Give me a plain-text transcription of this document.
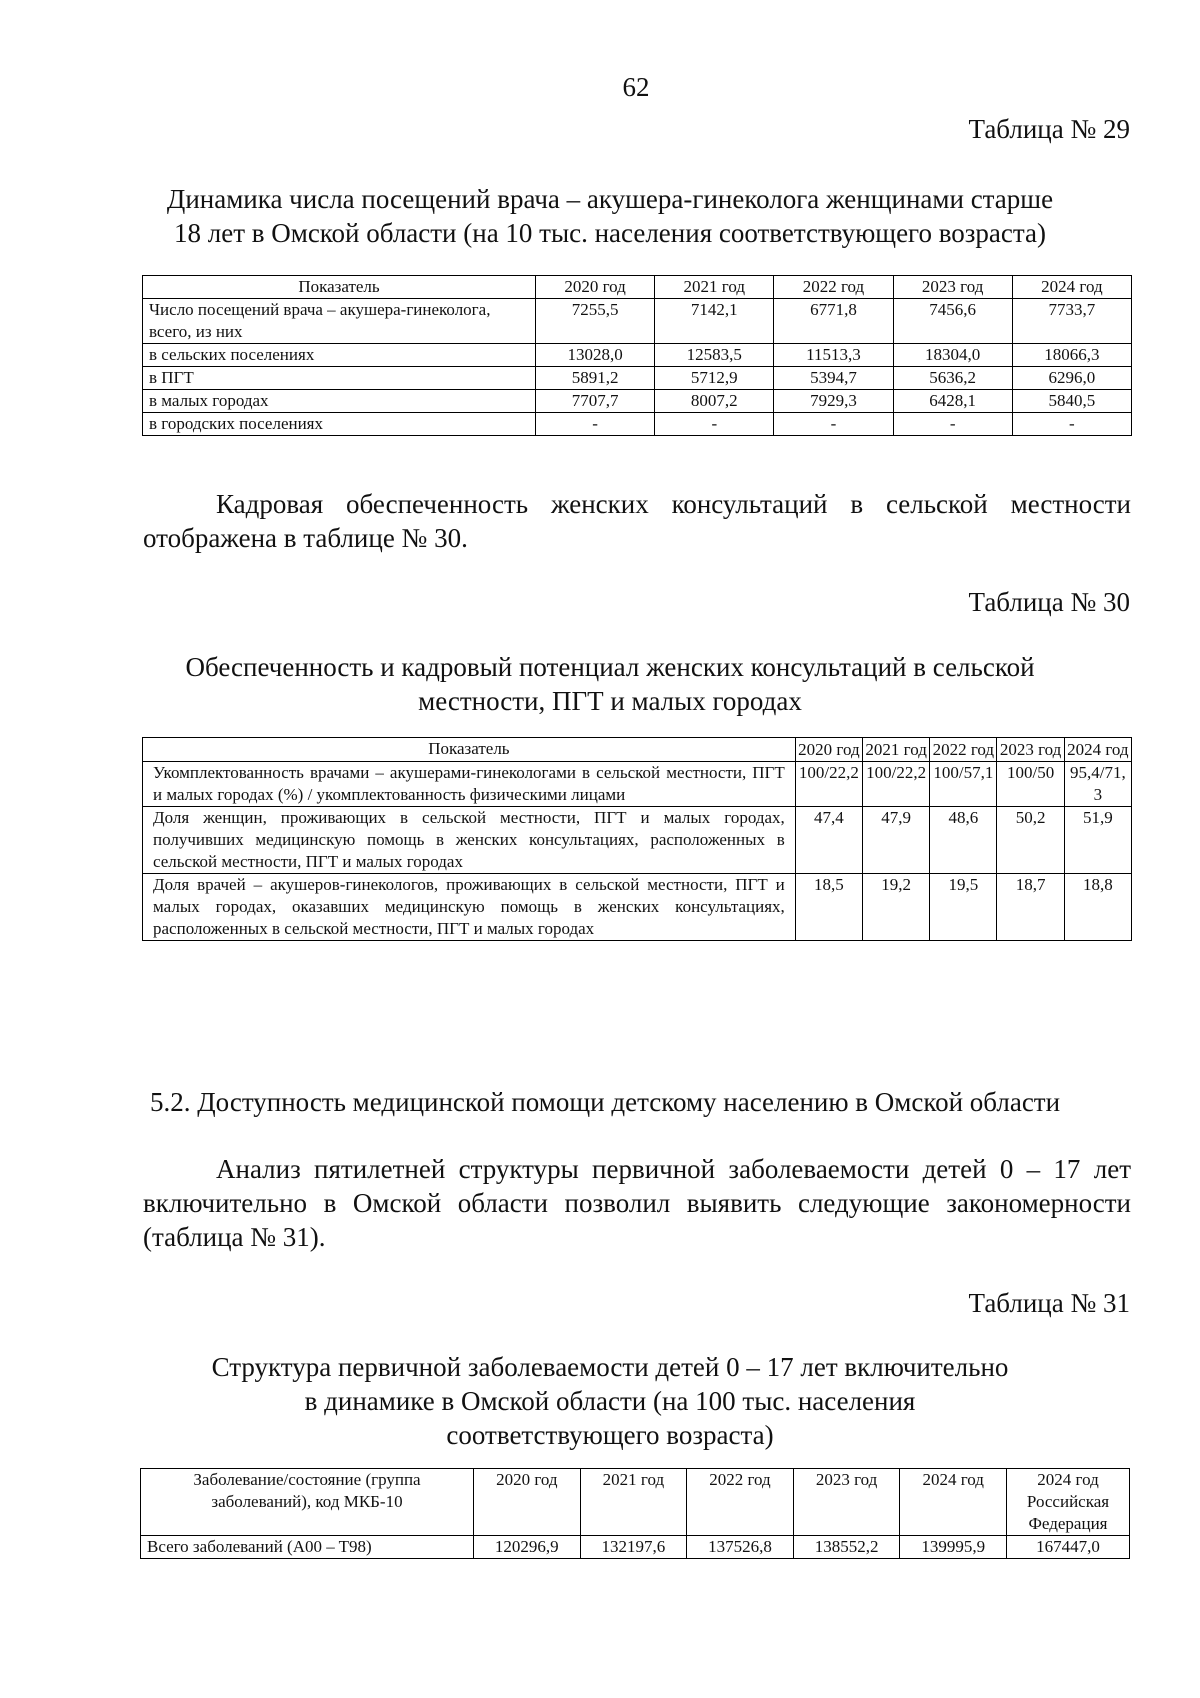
62
Таблица № 29
Динамика числа посещений врача – акушера-гинеколога женщинами старше
18 лет в Омской области (на 10 тыс. населения соответствующего возраста)
Показатель	2020 год	2021 год	2022 год	2023 год	2024 год
Число посещений врача – акушера-гинеколога, всего, из них	7255,5	7142,1	6771,8	7456,6	7733,7
в сельских поселениях	13028,0	12583,5	11513,3	18304,0	18066,3
в ПГТ	5891,2	5712,9	5394,7	5636,2	6296,0
в малых городах	7707,7	8007,2	7929,3	6428,1	5840,5
в городских поселениях	-	-	-	-	-
Кадровая обеспеченность женских консультаций в сельской местности
отображена в таблице № 30.
Таблица № 30
Обеспеченность и кадровый потенциал женских консультаций в сельской
местности, ПГТ и малых городах
Показатель	2020 год	2021 год	2022 год	2023 год	2024 год
Укомплектованность врачами – акушерами-гинекологами в сельской местности, ПГТ и малых городах (%) / укомплектованность физическими лицами	100/22,2	100/22,2	100/57,1	100/50	95,4/71,3
Доля женщин, проживающих в сельской местности, ПГТ и малых городах, получивших медицинскую помощь в женских консультациях, расположенных в сельской местности, ПГТ и малых городах	47,4	47,9	48,6	50,2	51,9
Доля врачей – акушеров-гинекологов, проживающих в сельской местности, ПГТ и малых городах, оказавших медицинскую помощь в женских консультациях, расположенных в сельской местности, ПГТ и малых городах	18,5	19,2	19,5	18,7	18,8
5.2. Доступность медицинской помощи детскому населению в Омской области
Анализ пятилетней структуры первичной заболеваемости детей 0 – 17 лет
включительно в Омской области позволил выявить следующие закономерности
(таблица № 31).
Таблица № 31
Структура первичной заболеваемости детей 0 – 17 лет включительно
в динамике в Омской области (на 100 тыс. населения
соответствующего возраста)
Заболевание/состояние (группа заболеваний), код МКБ-10	2020 год	2021 год	2022 год	2023 год	2024 год	2024 год Российская Федерация
Всего заболеваний (A00 – T98)	120296,9	132197,6	137526,8	138552,2	139995,9	167447,0
